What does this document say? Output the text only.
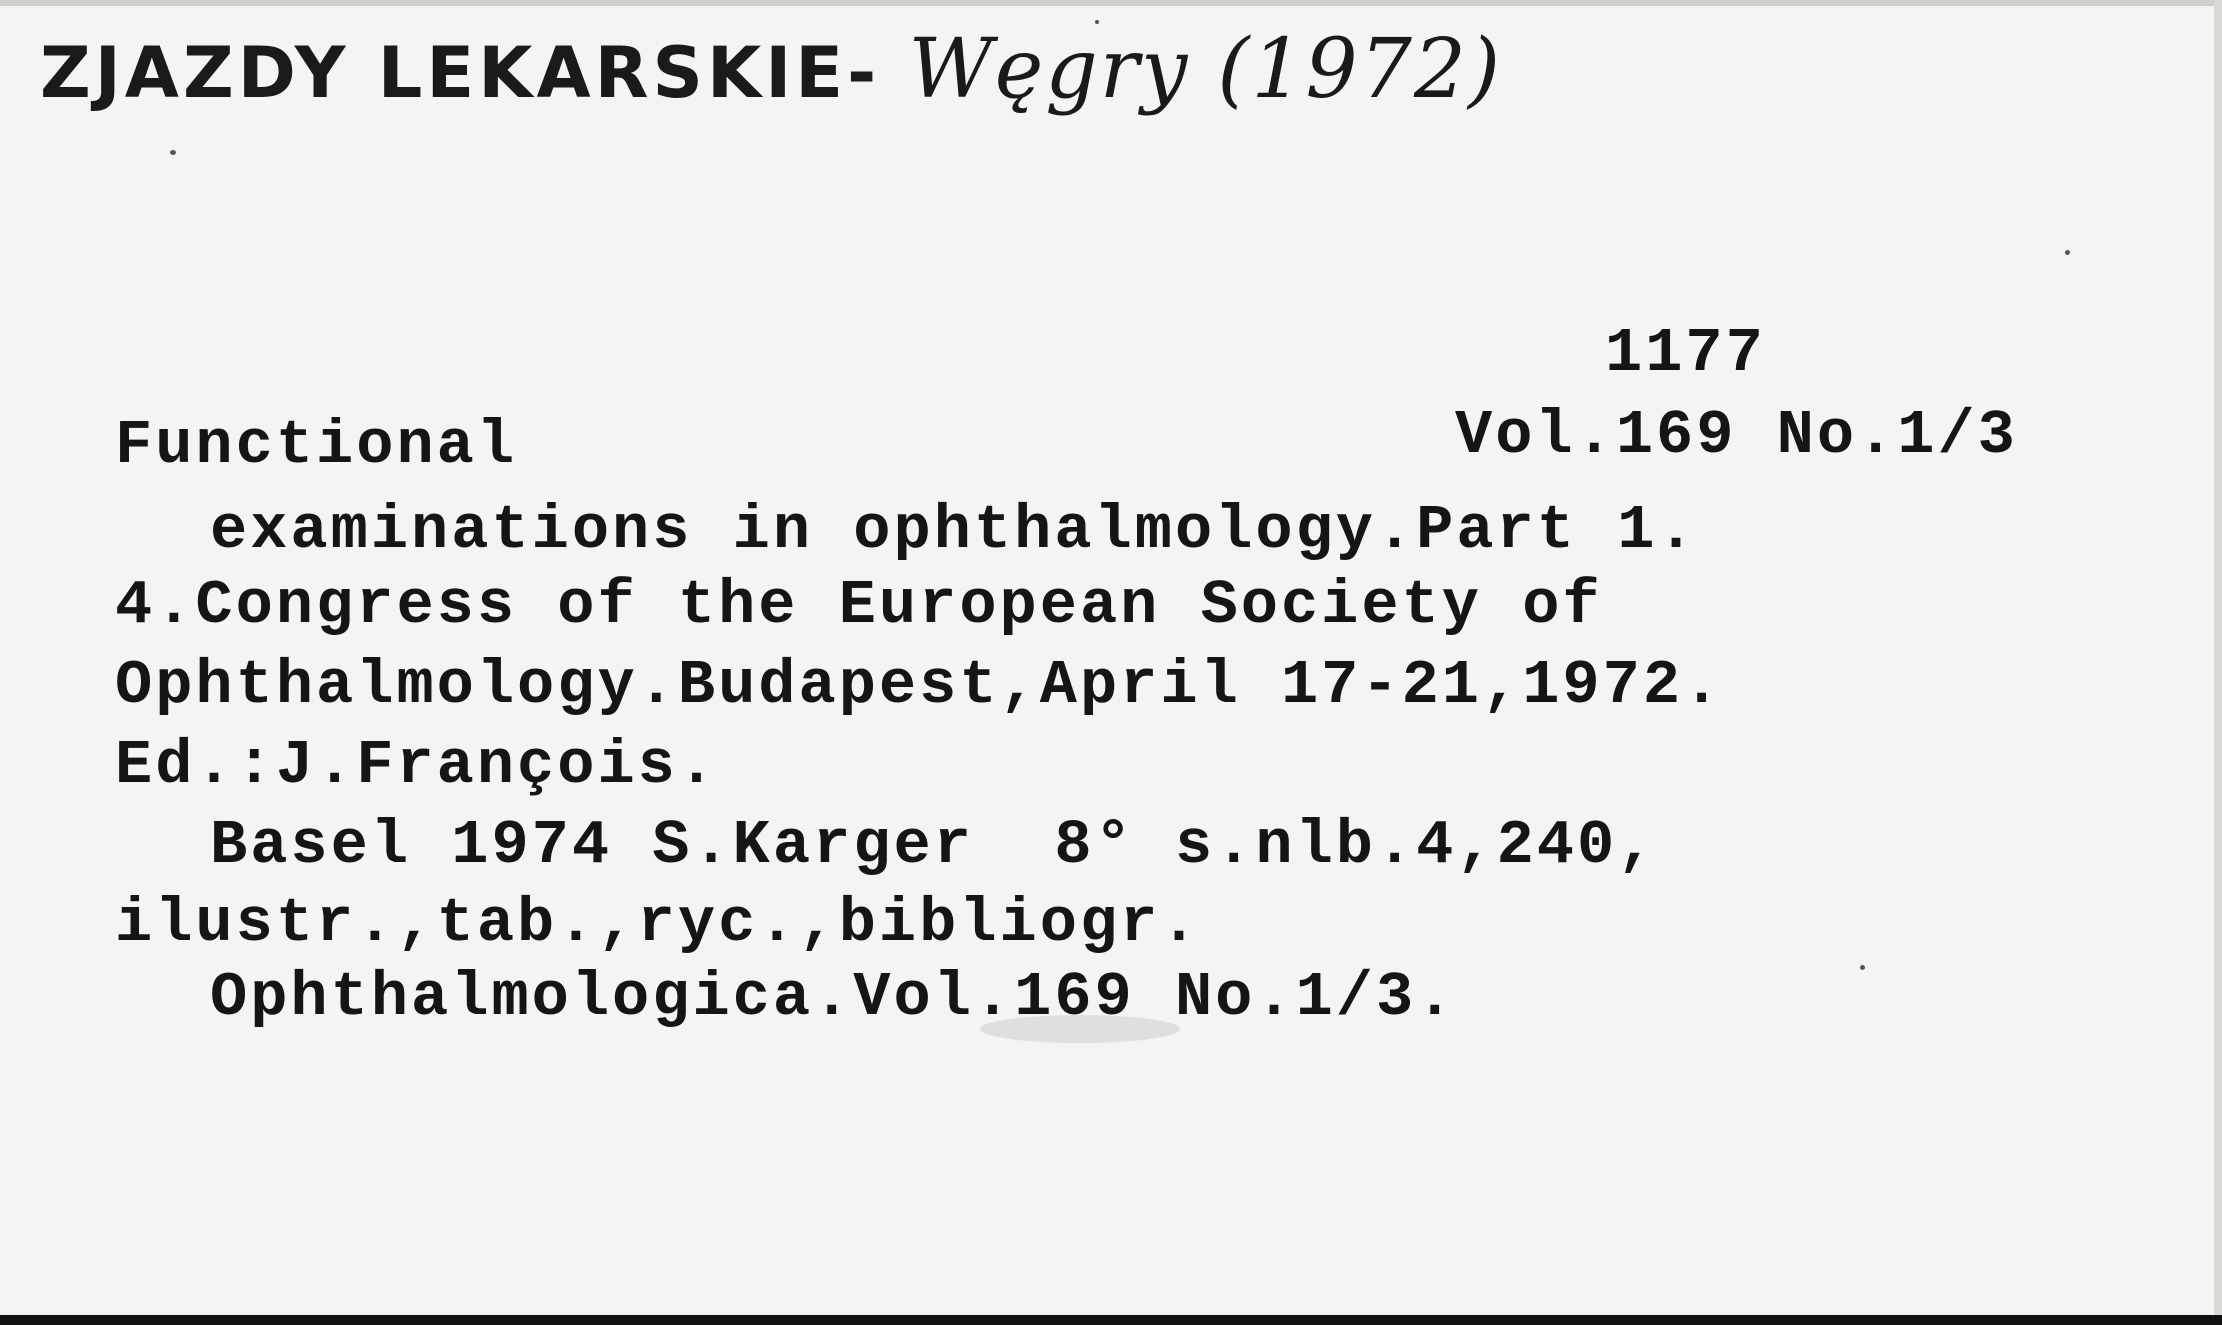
ZJAZDY LEKARSKIE- Węgry (1972)
1177
Vol.169 No.1/3
Functional
examinations in ophthalmology.Part 1.
4.Congress of the European Society of
Ophthalmology.Budapest,April 17-21,1972.
Ed.:J.François.
Basel 1974 S.Karger  8° s.nlb.4,240,
ilustr.,tab.,ryc.,bibliogr.
Ophthalmologica.Vol.169 No.1/3.
